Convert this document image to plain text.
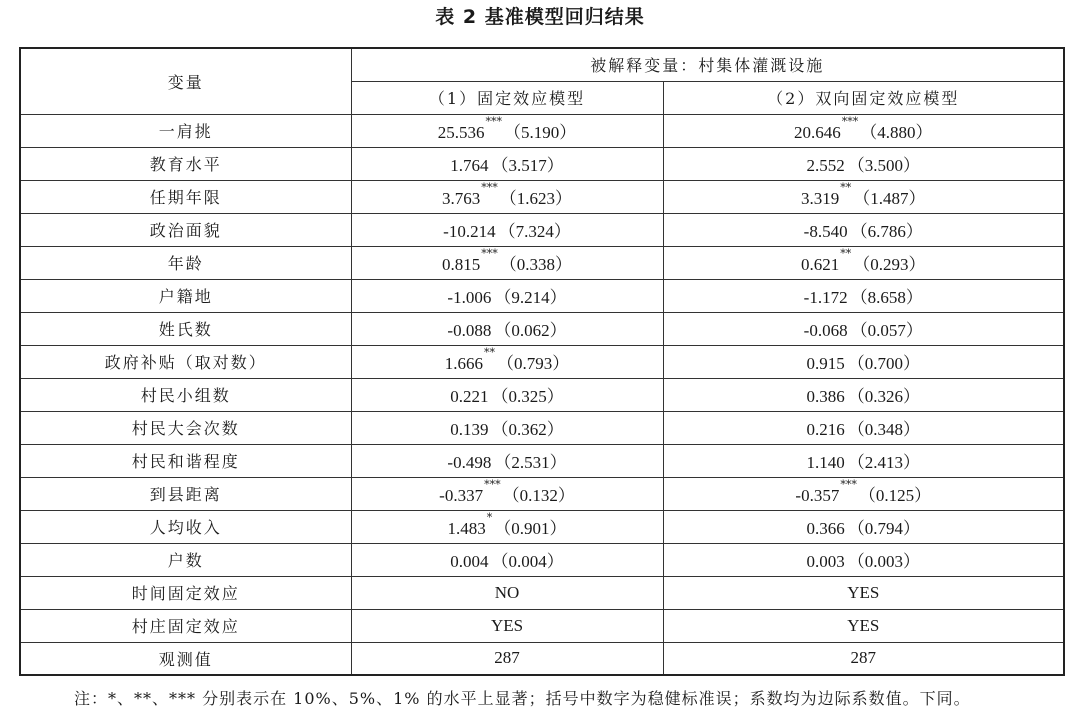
表 2 基准模型回归结果
变量	被解释变量：村集体灌溉设施	
	（1）固定效应模型	（2）双向固定效应模型
一肩挑	25.536***（5.190）	20.646***（4.880）
教育水平	1.764 （3.517）	2.552 （3.500）
任期年限	3.763***（1.623）	3.319**（1.487）
政治面貌	-10.214 （7.324）	-8.540 （6.786）
年龄	0.815***（0.338）	0.621**（0.293）
户籍地	-1.006 （9.214）	-1.172 （8.658）
姓氏数	-0.088 （0.062）	-0.068 （0.057）
政府补贴（取对数）	1.666**（0.793）	0.915 （0.700）
村民小组数	0.221 （0.325）	0.386 （0.326）
村民大会次数	0.139 （0.362）	0.216 （0.348）
村民和谐程度	-0.498 （2.531）	1.140 （2.413）
到县距离	-0.337***（0.132）	-0.357***（0.125）
人均收入	1.483*（0.901）	0.366 （0.794）
户数	0.004 （0.004）	0.003 （0.003）
时间固定效应	NO	YES
村庄固定效应	YES	YES
观测值	287	287
注：*、**、*** 分别表示在 10%、5%、1% 的水平上显著；括号中数字为稳健标准误；系数均为边际系数值。下同。
